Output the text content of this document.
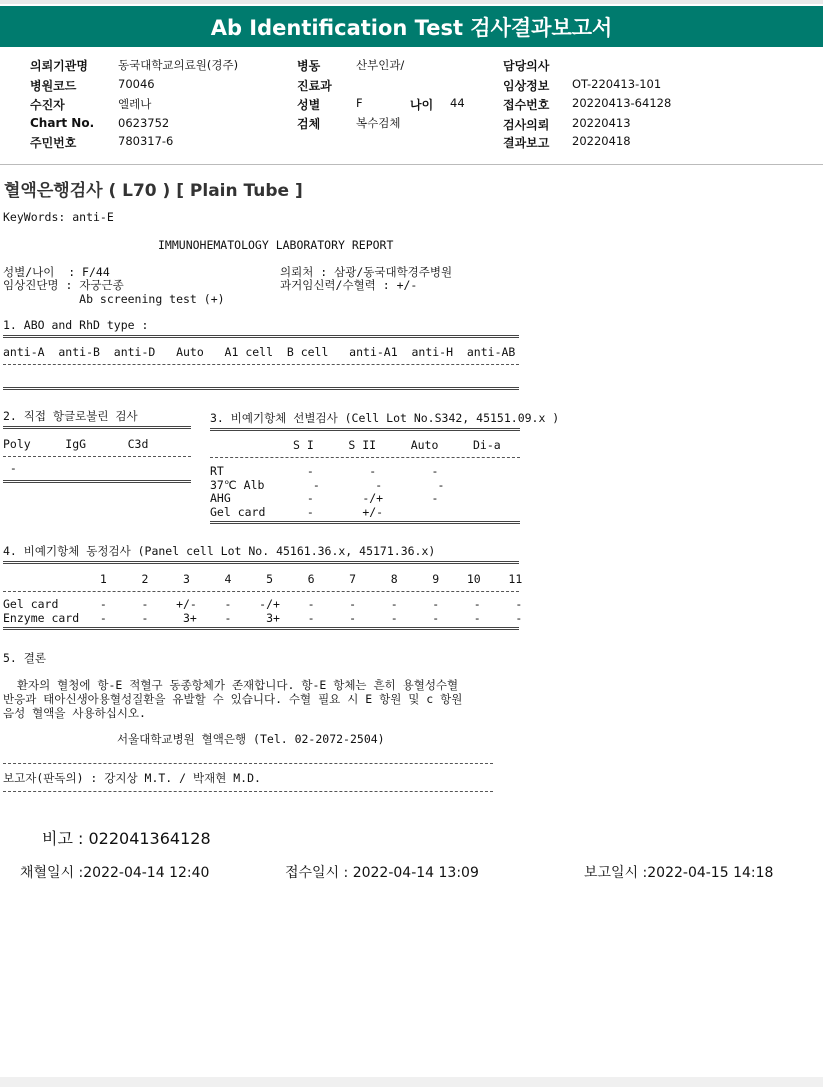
Ab Identification Test 검사결과보고서
의뢰기관명	동국대학교의료원(경주)
병원코드	70046
수진자	엘레나
Chart No. 0623752
주민번호	780317-6
병동	산부인과/
진료과
성별	F	나이 44
검체	복수검체
담당의사
임상정보 OT-220413-101
접수번호 20220413-64128
검사의뢰 20220413
결과보고 20220418
혈액은행검사 ( L70 ) [ Plain Tube ]
KeyWords: anti-E
IMMUNOHEMATOLOGY LABORATORY REPORT
성별/나이  : F/44
임상진단명 : 자궁근종
Ab screening test (+)
의뢰처 : 삼광/동국대학경주병원
과거임신력/수혈력 : +/-
1. ABO and RhD type :
anti-A  anti-B  anti-D   Auto   A1 cell  B cell   anti-A1  anti-H  anti-AB
2. 직접 항글로불린 검사
Poly     IgG      C3d
-
3. 비예기항체 선별검사 (Cell Lot No.S342, 45151.09.x )
S I     S II     Auto     Di-a
RT            -        -        -
37℃ Alb       -        -        -
AHG           -       -/+       -
Gel card      -       +/-
4. 비예기항체 동정검사 (Panel cell Lot No. 45161.36.x, 45171.36.x)
1     2     3     4     5     6     7     8     9    10    11
Gel card      -     -    +/-    -    -/+    -     -     -     -     -     -
Enzyme card   -     -     3+    -     3+    -     -     -     -     -     -
5. 결론
환자의 혈청에 항-E 적혈구 동종항체가 존재합니다. 항-E 항체는 흔히 용혈성수혈
반응과 태아신생아용혈성질환을 유발할 수 있습니다. 수혈 필요 시 E 항원 및 c 항원
음성 혈액을 사용하십시오.
서울대학교병원 혈액은행 (Tel. 02-2072-2504)
보고자(판독의) : 강지상 M.T. / 박재현 M.D.
비고 : 022041364128
채혈일시 :2022-04-14 12:40	접수일시 : 2022-04-14 13:09	보고일시 :2022-04-15 14:18
